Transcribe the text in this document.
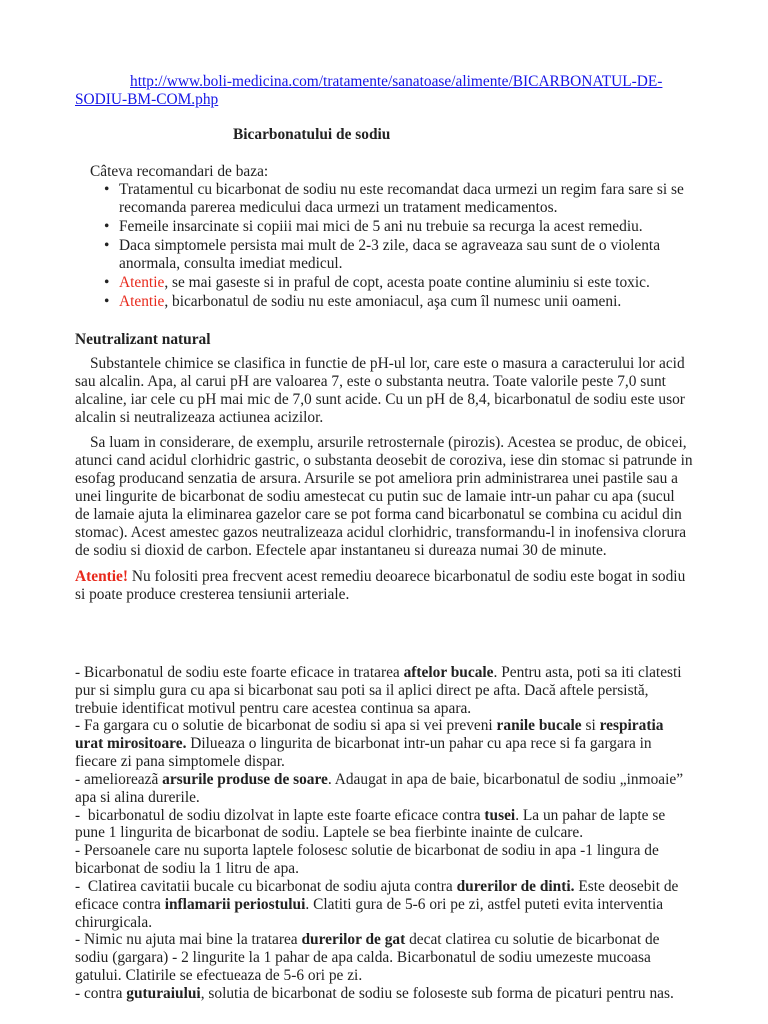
http://www.boli-medicina.com/tratamente/sanatoase/alimente/BICARBONATUL-DE-
SODIU-BM-COM.php
Bicarbonatului de sodiu
Câteva recomandari de baza:
• Tratamentul cu bicarbonat de sodiu nu este recomandat daca urmezi un regim fara sare si se
recomanda parerea medicului daca urmezi un tratament medicamentos.
• Femeile insarcinate si copiii mai mici de 5 ani nu trebuie sa recurga la acest remediu.
• Daca simptomele persista mai mult de 2-3 zile, daca se agraveaza sau sunt de o violenta
anormala, consulta imediat medicul.
• Atentie, se mai gaseste si in praful de copt, acesta poate contine aluminiu si este toxic.
• Atentie, bicarbonatul de sodiu nu este amoniacul, aşa cum îl numesc unii oameni.
Neutralizant natural
Substantele chimice se clasifica in functie de pH-ul lor, care este o masura a caracterului lor acid
sau alcalin. Apa, al carui pH are valoarea 7, este o substanta neutra. Toate valorile peste 7,0 sunt
alcaline, iar cele cu pH mai mic de 7,0 sunt acide. Cu un pH de 8,4, bicarbonatul de sodiu este usor
alcalin si neutralizeaza actiunea acizilor.
Sa luam in considerare, de exemplu, arsurile retrosternale (pirozis). Acestea se produc, de obicei,
atunci cand acidul clorhidric gastric, o substanta deosebit de coroziva, iese din stomac si patrunde in
esofag producand senzatia de arsura. Arsurile se pot ameliora prin administrarea unei pastile sau a
unei lingurite de bicarbonat de sodiu amestecat cu putin suc de lamaie intr-un pahar cu apa (sucul
de lamaie ajuta la eliminarea gazelor care se pot forma cand bicarbonatul se combina cu acidul din
stomac). Acest amestec gazos neutralizeaza acidul clorhidric, transformandu-l in inofensiva clorura
de sodiu si dioxid de carbon. Efectele apar instantaneu si dureaza numai 30 de minute.
Atentie! Nu folositi prea frecvent acest remediu deoarece bicarbonatul de sodiu este bogat in sodiu
si poate produce cresterea tensiunii arteriale.
- Bicarbonatul de sodiu este foarte eficace in tratarea aftelor bucale. Pentru asta, poti sa iti clatesti
pur si simplu gura cu apa si bicarbonat sau poti sa il aplici direct pe afta. Dacă aftele persistă,
trebuie identificat motivul pentru care acestea continua sa apara.
- Fa gargara cu o solutie de bicarbonat de sodiu si apa si vei preveni ranile bucale si respiratia
urat mirositoare. Dilueaza o lingurita de bicarbonat intr-un pahar cu apa rece si fa gargara in
fiecare zi pana simptomele dispar.
- amelioreazã arsurile produse de soare. Adaugat in apa de baie, bicarbonatul de sodiu „inmoaie”
apa si alina durerile.
-  bicarbonatul de sodiu dizolvat in lapte este foarte eficace contra tusei. La un pahar de lapte se
pune 1 lingurita de bicarbonat de sodiu. Laptele se bea fierbinte inainte de culcare.
- Persoanele care nu suporta laptele folosesc solutie de bicarbonat de sodiu in apa -1 lingura de
bicarbonat de sodiu la 1 litru de apa.
-  Clatirea cavitatii bucale cu bicarbonat de sodiu ajuta contra durerilor de dinti. Este deosebit de
eficace contra inflamarii periostului. Clatiti gura de 5-6 ori pe zi, astfel puteti evita interventia
chirurgicala.
- Nimic nu ajuta mai bine la tratarea durerilor de gat decat clatirea cu solutie de bicarbonat de
sodiu (gargara) - 2 lingurite la 1 pahar de apa calda. Bicarbonatul de sodiu umezeste mucoasa
gatului. Clatirile se efectueaza de 5-6 ori pe zi.
- contra guturaiului, solutia de bicarbonat de sodiu se foloseste sub forma de picaturi pentru nas.
